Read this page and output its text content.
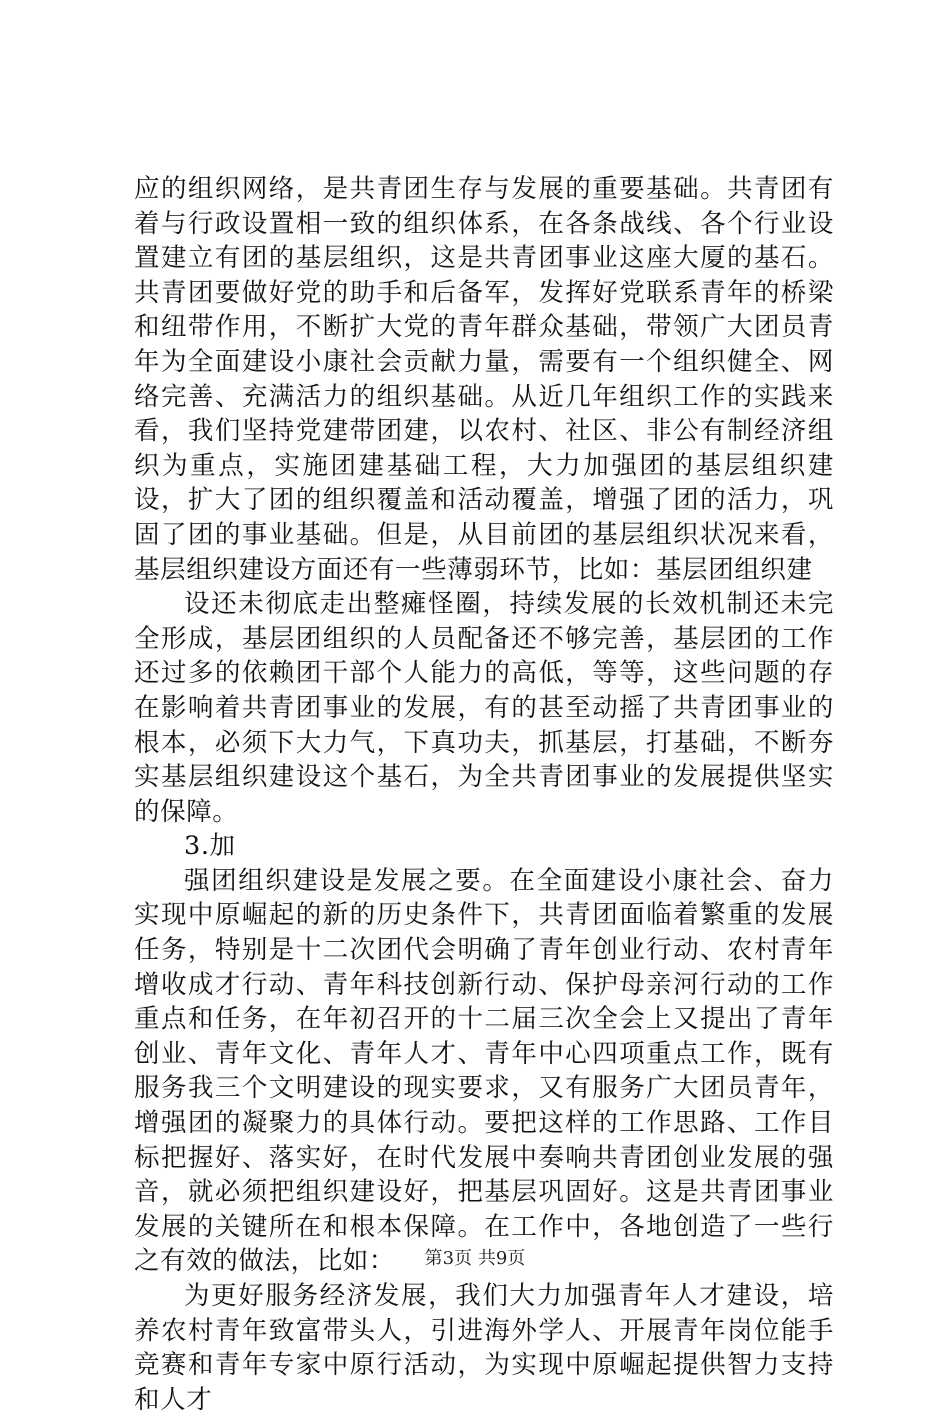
应的组织网络，是共青团生存与发展的重要基础。共青团有着与行政设置相一致的组织体系，在各条战线、各个行业设置建立有团的基层组织，这是共青团事业这座大厦的基石。共青团要做好党的助手和后备军，发挥好党联系青年的桥梁和纽带作用，不断扩大党的青年群众基础，带领广大团员青年为全面建设小康社会贡献力量，需要有一个组织健全、网络完善、充满活力的组织基础。从近几年组织工作的实践来看，我们坚持党建带团建，以农村、社区、非公有制经济组织为重点，实施团建基础工程，大力加强团的基层组织建设，扩大了团的组织覆盖和活动覆盖，增强了团的活力，巩固了团的事业基础。但是，从目前团的基层组织状况来看，基层组织建设方面还有一些薄弱环节，比如：基层团组织建

设还未彻底走出整瘫怪圈，持续发展的长效机制还未完全形成，基层团组织的人员配备还不够完善，基层团的工作还过多的依赖团干部个人能力的高低，等等，这些问题的存在影响着共青团事业的发展，有的甚至动摇了共青团事业的根本，必须下大力气，下真功夫，抓基层，打基础，不断夯实基层组织建设这个基石，为全共青团事业的发展提供坚实的保障。

3.加

强团组织建设是发展之要。在全面建设小康社会、奋力实现中原崛起的新的历史条件下，共青团面临着繁重的发展任务，特别是十二次团代会明确了青年创业行动、农村青年增收成才行动、青年科技创新行动、保护母亲河行动的工作重点和任务，在年初召开的十二届三次全会上又提出了青年创业、青年文化、青年人才、青年中心四项重点工作，既有服务我三个文明建设的现实要求，又有服务广大团员青年，增强团的凝聚力的具体行动。要把这样的工作思路、工作目标把握好、落实好，在时代发展中奏响共青团创业发展的强音，就必须把组织建设好，把基层巩固好。这是共青团事业发展的关键所在和根本保障。在工作中，各地创造了一些行之有效的做法，比如：

为更好服务经济发展，我们大力加强青年人才建设，培养农村青年致富带头人，引进海外学人、开展青年岗位能手竞赛和青年专家中原行活动，为实现中原崛起提供智力支持和人才

第3页 共9页
